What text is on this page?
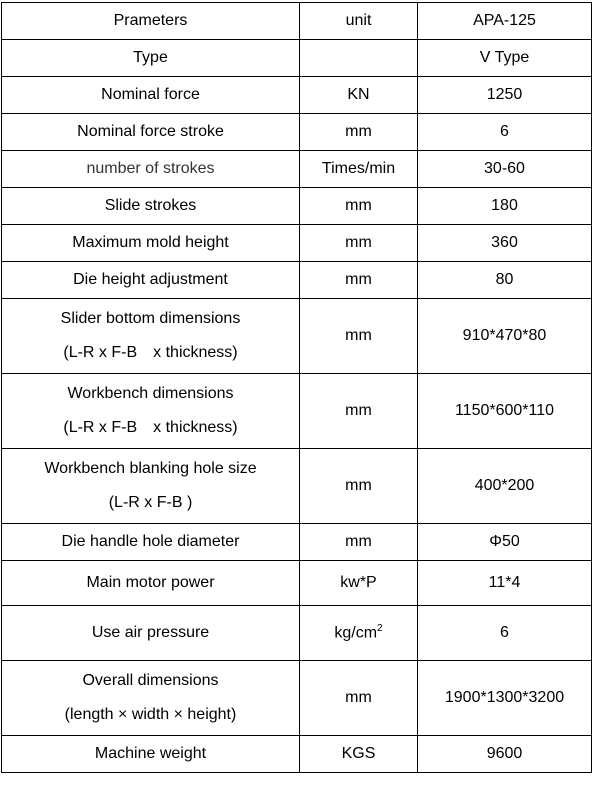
Prameters	unit	APA-125
Type		V Type
Nominal force	KN	1250
Nominal force stroke	mm	6
number of strokes	Times/min	30-60
Slide strokes	mm	180
Maximum mold height	mm	360
Die height adjustment	mm	80
Slider bottom dimensions
(L-R x F-B　x thickness)	mm	910*470*80
Workbench dimensions
(L-R x F-B　x thickness)	mm	1150*600*110
Workbench blanking hole size
(L-R x F-B )	mm	400*200
Die handle hole diameter	mm	Φ50
Main motor power	kw*P	11*4
Use air pressure	$kg/cm^2$	6
Overall dimensions
(length × width × height)	mm	1900*1300*3200
Machine weight	KGS	9600
